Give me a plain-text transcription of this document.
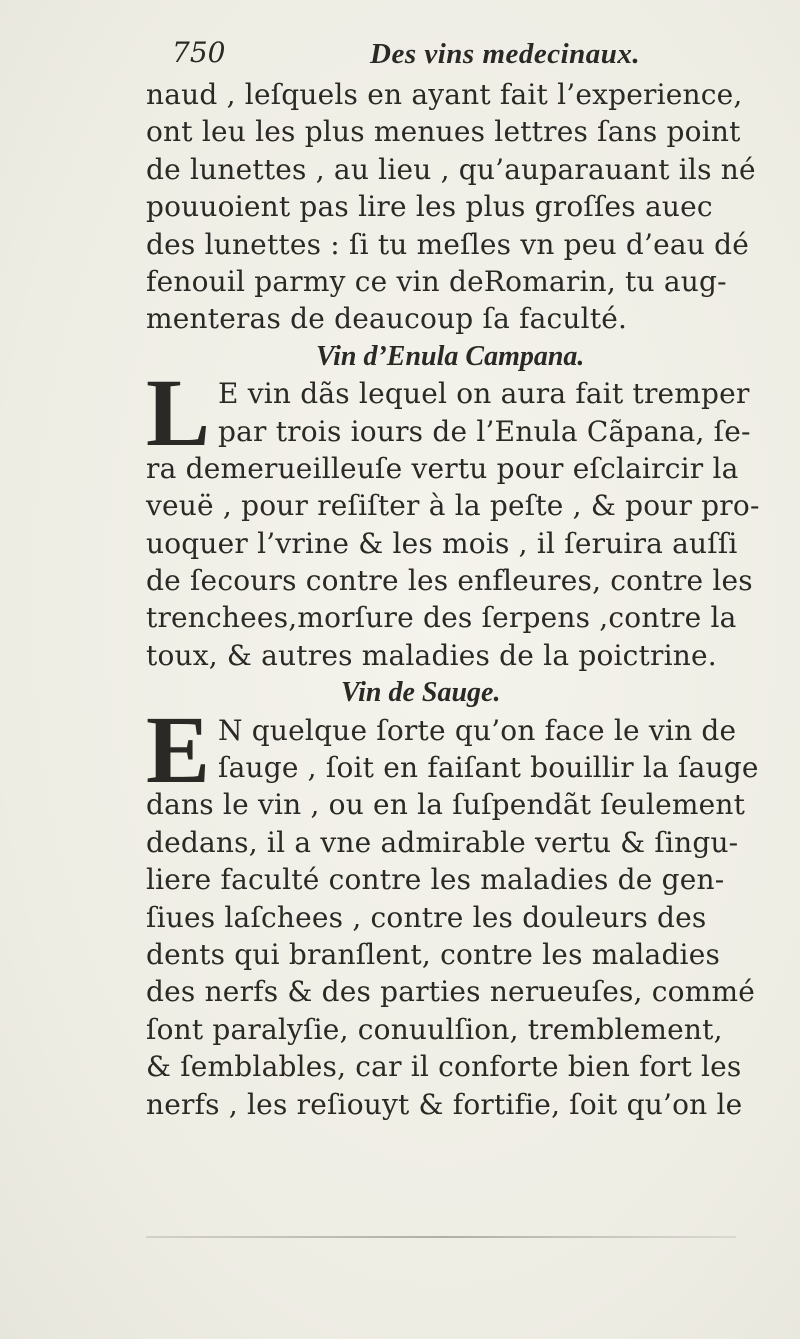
750	Des vins medecinaux.
naud , leſquels en ayant fait l’experience,
ont leu les plus menues lettres ſans point
de lunettes , au lieu , qu’auparauant ils né
pouuoient pas lire les plus groſſes auec
des lunettes : ſi tu meſles vn peu d’eau dé
fenouil parmy ce vin deRomarin, tu aug-
menteras de deaucoup ſa faculté.
Vin d’Enula Campana.
L E vin dãs lequel on aura fait tremper
par trois iours de l’Enula Cãpana, ſe-
ra demerueilleuſe vertu pour eſclaircir la
veuë , pour reſiſter à la peſte , & pour pro-
uoquer l’vrine & les mois , il ſeruira auſſi
de ſecours contre les enfleures, contre les
trenchees,morſure des ſerpens ,contre la
toux, & autres maladies de la poictrine.
Vin de Sauge.
E N quelque ſorte qu’on face le vin de
ſauge , ſoit en faiſant bouillir la ſauge
dans le vin , ou en la ſuſpendãt ſeulement
dedans, il a vne admirable vertu & ſingu-
liere faculté contre les maladies de gen-
ſiues laſchees , contre les douleurs des
dents qui branſlent, contre les maladies
des nerfs & des parties nerueuſes, commé
ſont paralyſie, conuulſion, tremblement,
& ſemblables, car il conforte bien fort les
nerfs , les reſiouyt & fortifie, ſoit qu’on le
